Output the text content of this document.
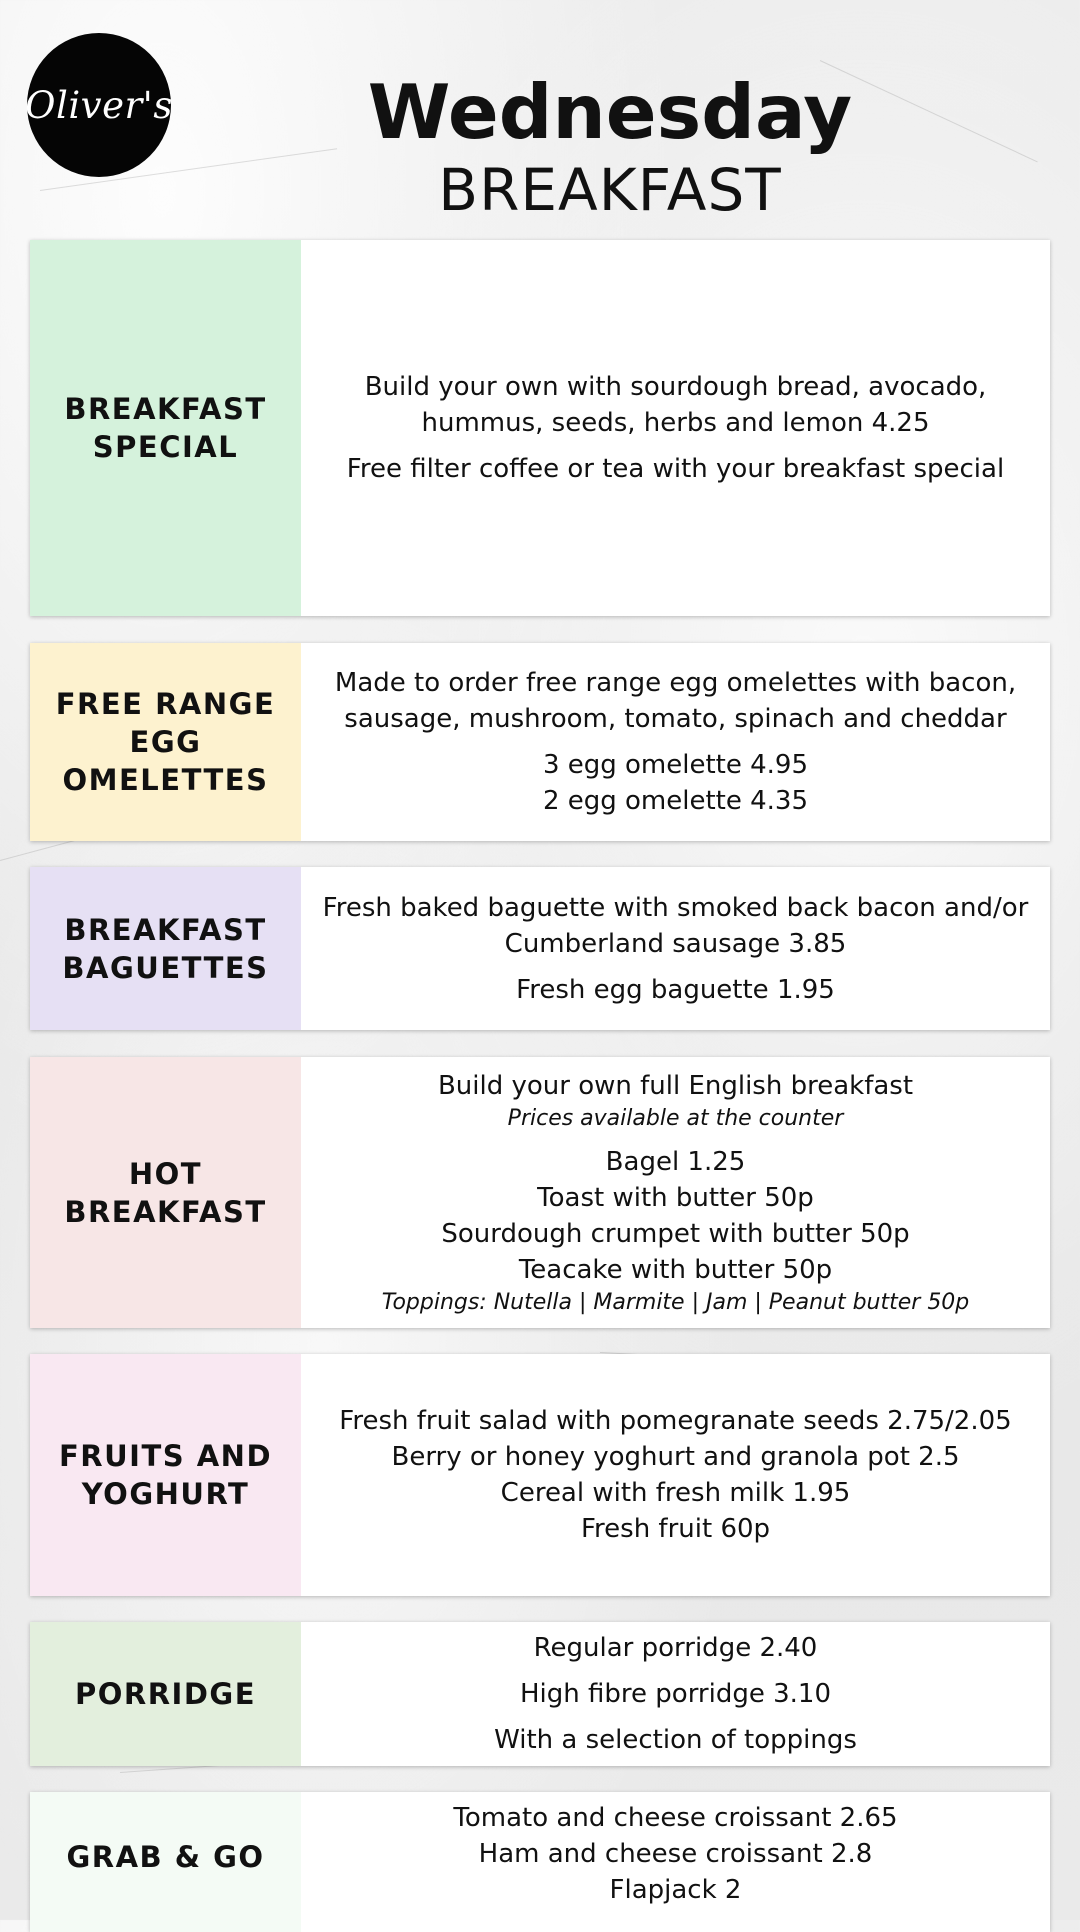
Oliver's	Wednesday
BREAKFAST
BREAKFAST
SPECIAL
Build your own with sourdough bread, avocado,
hummus, seeds, herbs and lemon 4.25
Free filter coffee or tea with your breakfast special
FREE RANGE
EGG
OMELETTES
Made to order free range egg omelettes with bacon,
sausage, mushroom, tomato, spinach and cheddar
3 egg omelette 4.95
2 egg omelette 4.35
BREAKFAST
BAGUETTES
Fresh baked baguette with smoked back bacon and/or
Cumberland sausage 3.85
Fresh egg baguette 1.95
HOT
BREAKFAST
Build your own full English breakfast
Prices available at the counter
Bagel 1.25
Toast with butter 50p
Sourdough crumpet with butter 50p
Teacake with butter 50p
Toppings: Nutella | Marmite | Jam | Peanut butter 50p
FRUITS AND
YOGHURT
Fresh fruit salad with pomegranate seeds 2.75/2.05
Berry or honey yoghurt and granola pot 2.5
Cereal with fresh milk 1.95
Fresh fruit 60p
PORRIDGE
Regular porridge 2.40
High fibre porridge 3.10
With a selection of toppings
GRAB & GO
Tomato and cheese croissant 2.65
Ham and cheese croissant 2.8
Flapjack 2
